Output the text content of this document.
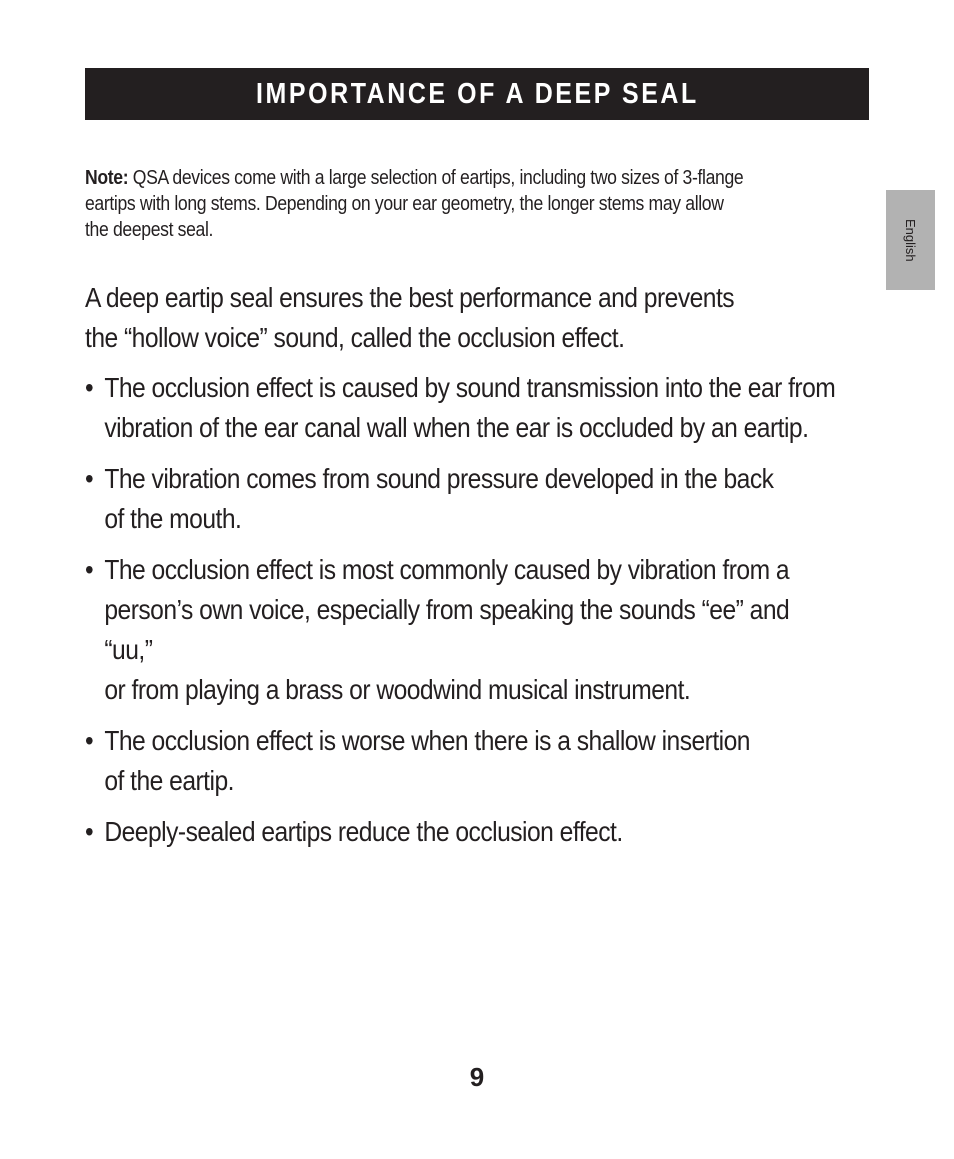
IMPORTANCE OF A DEEP SEAL
English
Note: QSA devices come with a large selection of eartips, including two sizes of 3-flange
eartips with long stems. Depending on your ear geometry, the longer stems may allow
the deepest seal.
A deep eartip seal ensures the best performance and prevents
the “hollow voice” sound, called the occlusion effect.
• The occlusion effect is caused by sound transmission into the ear from
vibration of the ear canal wall when the ear is occluded by an eartip.
• The vibration comes from sound pressure developed in the back
of the mouth.
• The occlusion effect is most commonly caused by vibration from a
person’s own voice, especially from speaking the sounds “ee” and “uu,”
or from playing a brass or woodwind musical instrument.
• The occlusion effect is worse when there is a shallow insertion
of the eartip.
• Deeply-sealed eartips reduce the occlusion effect.
9
